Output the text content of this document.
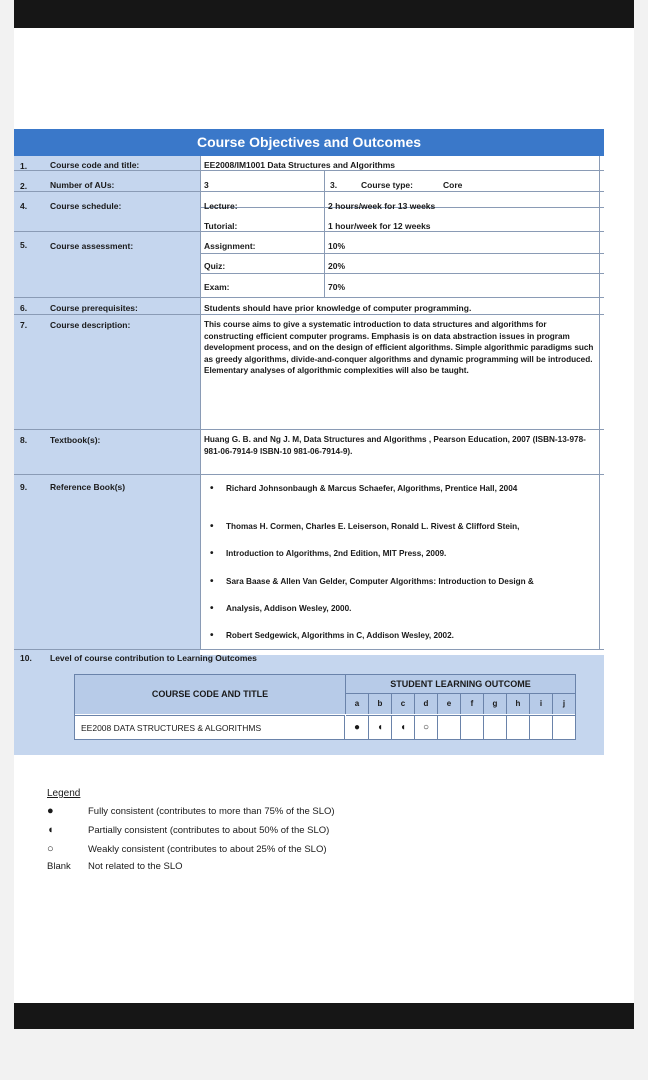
Course Objectives and Outcomes
1.	Course code and title:	EE2008/IM1001 Data Structures and Algorithms
2.	Number of AUs:	3	3.	Course type:	Core
4.	Course schedule:	Lecture:	2 hours/week for 13 weeks
Tutorial:	1 hour/week for 12 weeks
5.	Course assessment:	Assignment:	10%
Quiz:	20%
Exam:	70%
6.	Course prerequisites:	Students should have prior knowledge of computer programming.
7.	Course description:	This course aims to give a systematic introduction to data structures and algorithms for constructing efficient computer programs. Emphasis is on data abstraction issues in program development process, and on the design of efficient algorithms. Simple algorithmic paradigms such as greedy algorithms, divide-and-conquer algorithms and dynamic programming will be introduced. Elementary analyses of algorithmic complexities will also be taught.
8.	Textbook(s):	Huang G. B. and Ng J. M, Data Structures and Algorithms , Pearson Education, 2007 (ISBN-13-978-981-06-7914-9 ISBN-10 981-06-7914-9).
9.	Reference Book(s)
•	Richard Johnsonbaugh & Marcus Schaefer, Algorithms, Prentice Hall, 2004
• Thomas H. Cormen, Charles E. Leiserson, Ronald L. Rivest & Clifford Stein,
• Introduction to Algorithms, 2nd Edition, MIT Press, 2009.
• Sara Baase & Allen Van Gelder, Computer Algorithms: Introduction to Design &
• Analysis, Addison Wesley, 2000.
• Robert Sedgewick, Algorithms in C, Addison Wesley, 2002.
10. Level of course contribution to Learning Outcomes
COURSE CODE AND TITLE
STUDENT LEARNING OUTCOME
a	b	c	d	e	f	g	h	i	j
EE2008 DATA STRUCTURES & ALGORITHMS	●	◖	◖	○
Legend
●	Fully consistent (contributes to more than 75% of the SLO)
◖	Partially consistent (contributes to about 50% of the SLO)
○	Weakly consistent (contributes to about 25% of the SLO)
Blank Not related to the SLO
